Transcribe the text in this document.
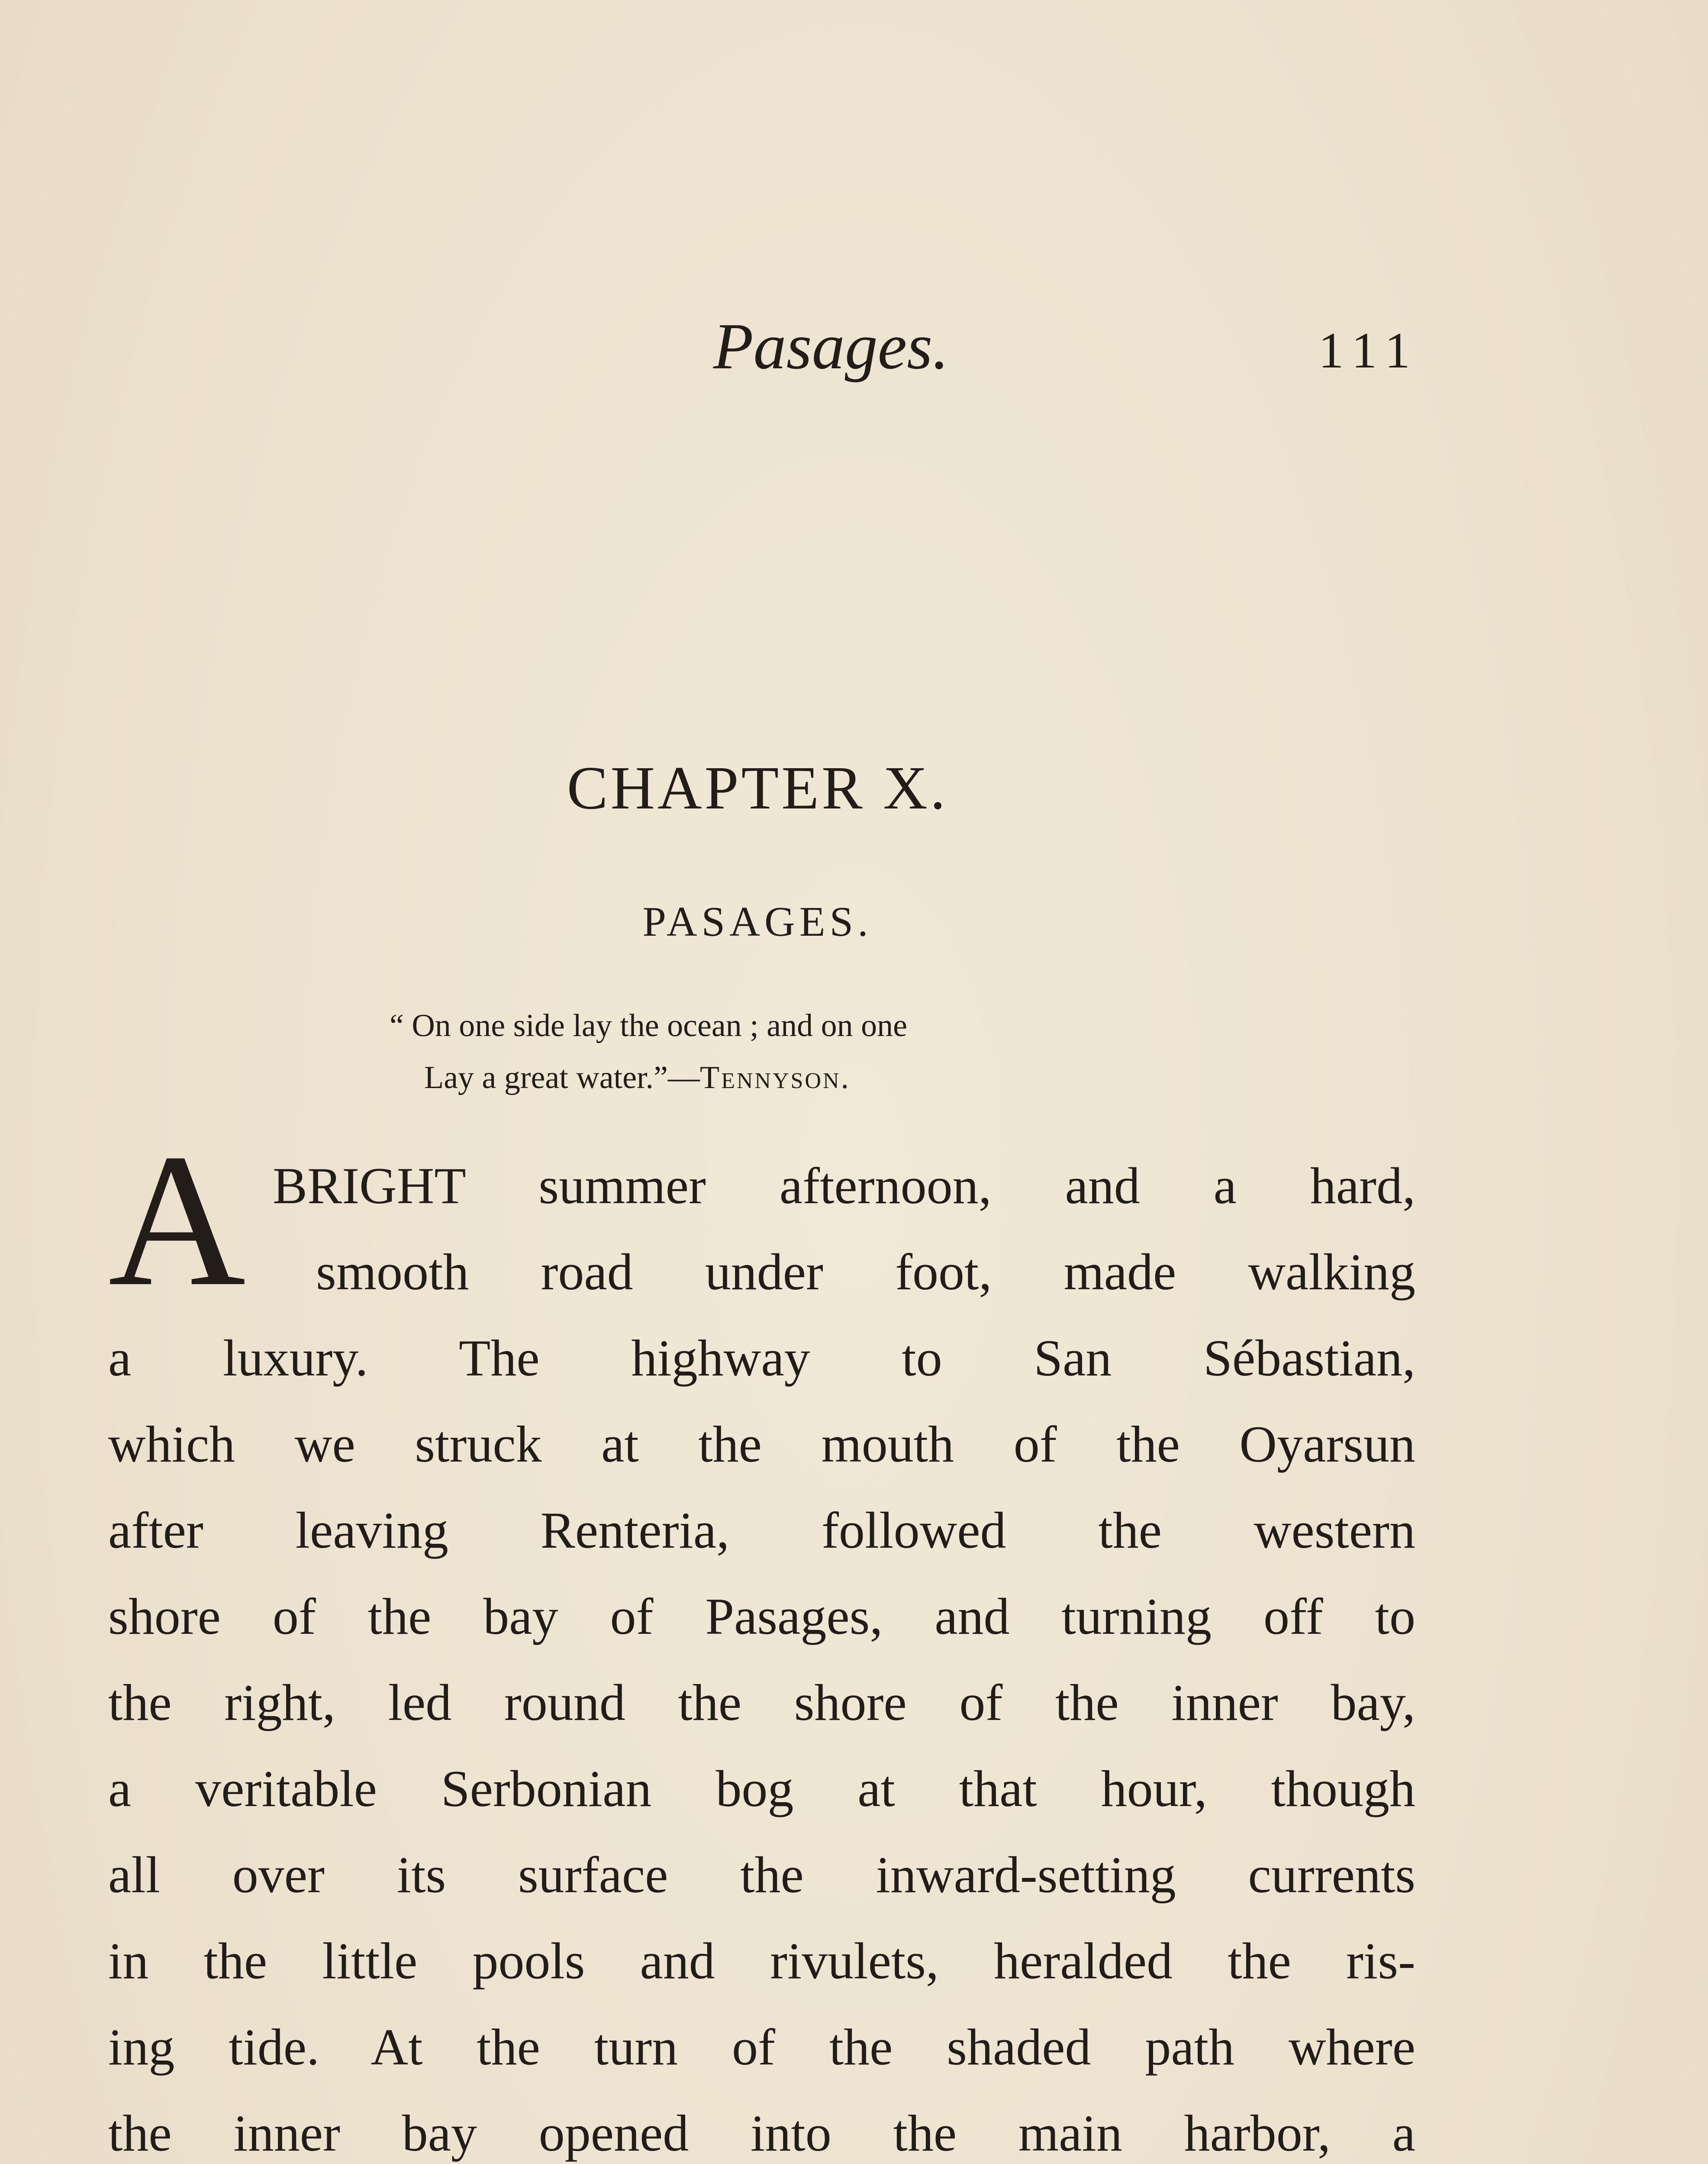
Pasages.	111
CHAPTER X.
PASAGES.
“ On one side lay the ocean ; and on one
Lay a great water.”—Tennyson.
A BRIGHT summer afternoon, and a hard,
smooth road under foot, made walking
a luxury. The highway to San Sébastian,
which we struck at the mouth of the Oyarsun
after leaving Renteria, followed the western
shore of the bay of Pasages, and turning off to
the right, led round the shore of the inner bay,
a veritable Serbonian bog at that hour, though
all over its surface the inward-setting currents
in the little pools and rivulets, heralded the ris-
ing tide. At the turn of the shaded path where
the inner bay opened into the main harbor, a
